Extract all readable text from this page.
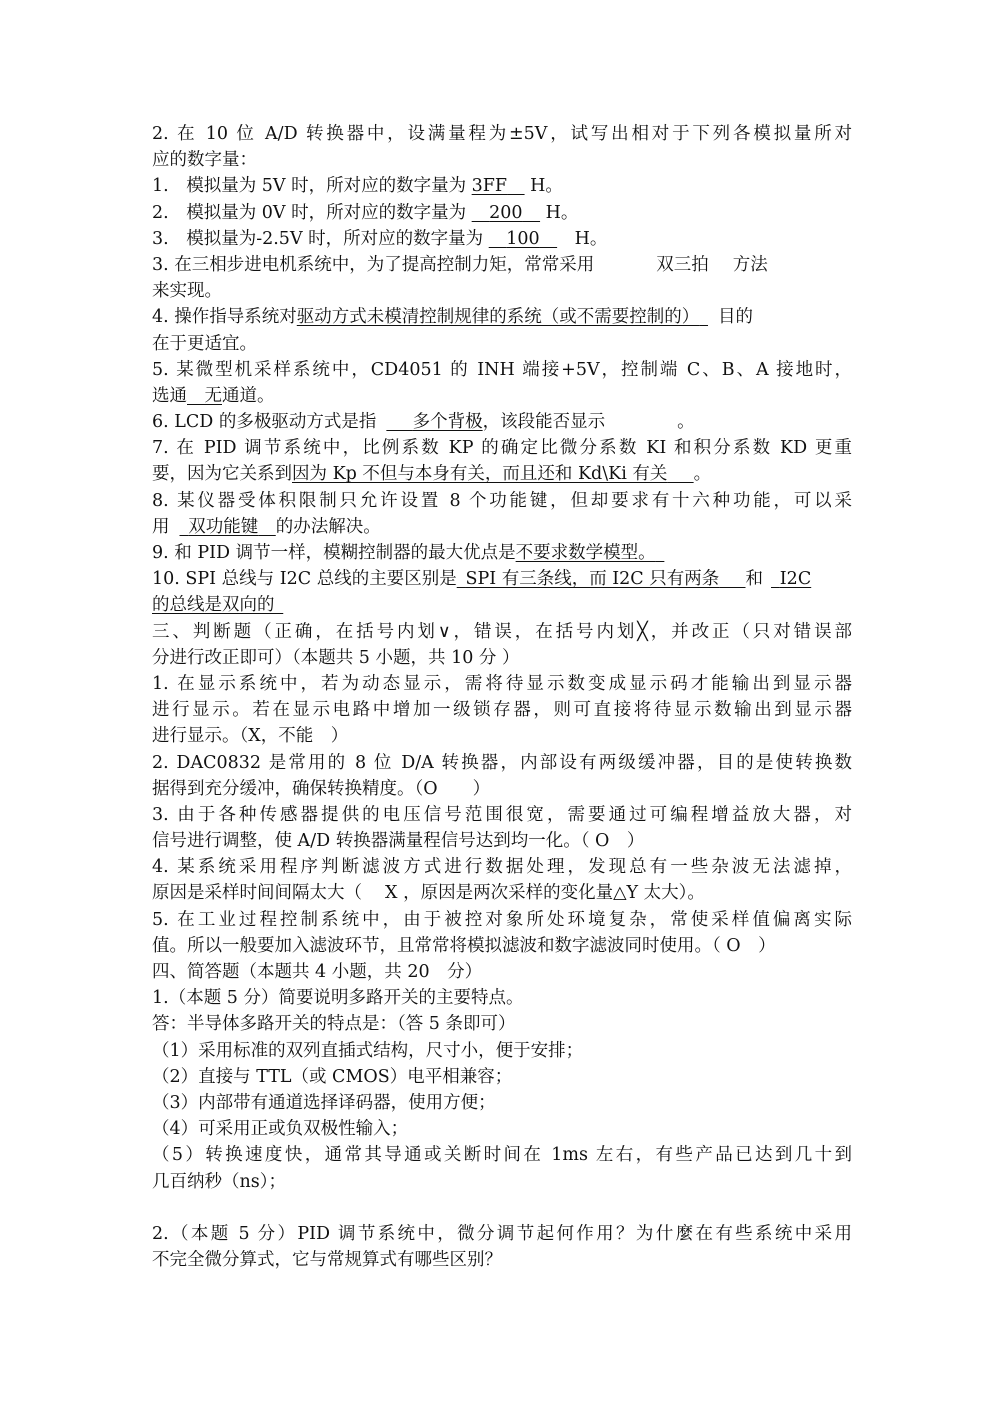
2. 在 10 位 A/D 转换器中，设满量程为±5V，试写出相对于下列各模拟量所对
应的数字量：
1.　模拟量为 5V 时，所对应的数字量为 3FF　 H。
2.　模拟量为 0V 时，所对应的数字量为 　200　 H。
3.　模拟量为-2.5V 时，所对应的数字量为 　100　 H。
3. 在三相步进电机系统中，为了提高控制力矩，常常采用	双三拍 方法
来实现。
4. 操作指导系统对驱动方式未模清控制规律的系统（或不需要控制的）  目的
在于更适宜。
5. 某微型机采样系统中，CD4051 的 INH 端接+5V，控制端 C、B、A 接地时，
选通   无通道。
6. LCD 的多极驱动方式是指　  多个背极，该段能否显示	。
7. 在 PID 调节系统中，比例系数 KP 的确定比微分系数 KI 和积分系数 KD 更重
要，因为它关系到因为 Kp 不但与本身有关，而且还和 Kd\Ki 有关    。
8. 某仪器受体积限制只允许设置 8 个功能键，但却要求有十六种功能，可以采
用  双功能键   的办法解决。
9. 和 PID 调节一样，模糊控制器的最大优点是不要求数学模型。 
10. SPI 总线与 I2C 总线的主要区别是  SPI 有三条线，而 I2C 只有两条    和  I2C
的总线是双向的 
三、判断题（正确，在括号内划∨，错误，在括号内划╳，并改正（只对错误部
分进行改正即可）（本题共 5 小题，共 10 分 ）
1. 在显示系统中，若为动态显示，需将待显示数变成显示码才能输出到显示器
进行显示。若在显示电路中增加一级锁存器，则可直接将待显示数输出到显示器
进行显示。（X，不能　）
2. DAC0832 是常用的 8 位 D/A 转换器，内部设有两级缓冲器，目的是使转换数
据得到充分缓冲，确保转换精度。（O　　）
3. 由于各种传感器提供的电压信号范围很宽，需要通过可编程增益放大器，对
信号进行调整，使 A/D 转换器满量程信号达到均一化。（ O　）
4. 某系统采用程序判断滤波方式进行数据处理，发现总有一些杂波无法滤掉，
原因是采样时间间隔太大（　 X ，原因是两次采样的变化量△Y 太大）。
5. 在工业过程控制系统中，由于被控对象所处环境复杂，常使采样值偏离实际
值。所以一般要加入滤波环节，且常常将模拟滤波和数字滤波同时使用。（ O　）
四、简答题（本题共 4 小题，共 20　分）
1.（本题 5 分）简要说明多路开关的主要特点。
答：半导体多路开关的特点是：（答 5 条即可）
（1）采用标准的双列直插式结构，尺寸小，便于安排；
（2）直接与 TTL（或 CMOS）电平相兼容；
（3）内部带有通道选择译码器，使用方便；
（4）可采用正或负双极性输入；
（5）转换速度快，通常其导通或关断时间在 1ms 左右，有些产品已达到几十到
几百纳秒（ns）；
2.（本题 5 分）PID 调节系统中，微分调节起何作用？为什麼在有些系统中采用
不完全微分算式，它与常规算式有哪些区别？
